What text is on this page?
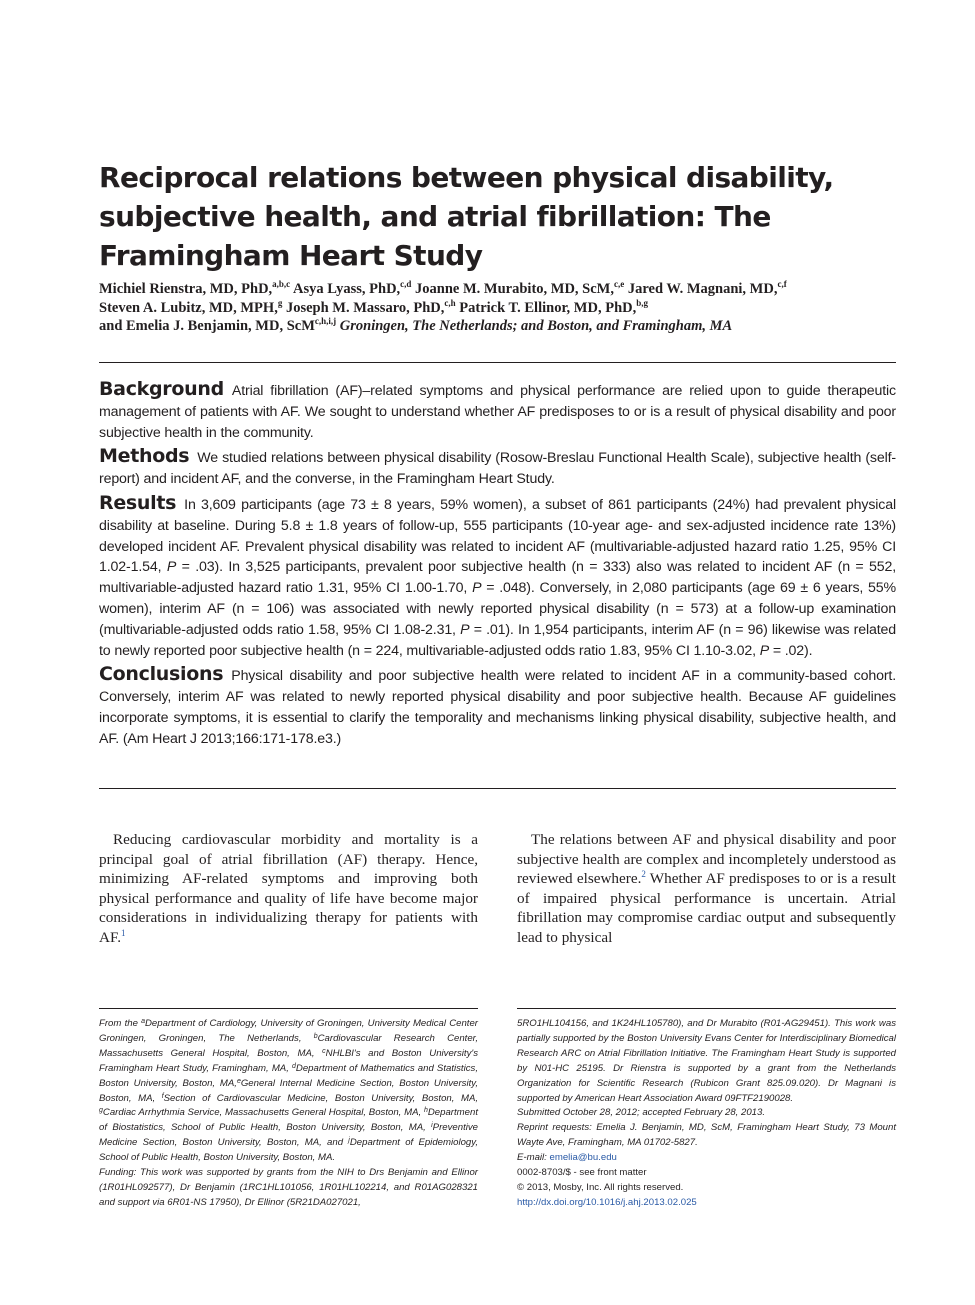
Reciprocal relations between physical disability, subjective health, and atrial fibrillation: The Framingham Heart Study
Michiel Rienstra, MD, PhD,$^{a,b,c}$ Asya Lyass, PhD,$^{c,d}$ Joanne M. Murabito, MD, ScM,$^{c,e}$ Jared W. Magnani, MD,$^{c,f}$
Steven A. Lubitz, MD, MPH,$^g$ Joseph M. Massaro, PhD,$^{c,h}$ Patrick T. Ellinor, MD, PhD,$^{b,g}$
and Emelia J. Benjamin, MD, ScM$^{c,h,i,j}$ Groningen, The Netherlands; and Boston, and Framingham, MA

Background Atrial fibrillation (AF)–related symptoms and physical performance are relied upon to guide therapeutic management of patients with AF. We sought to understand whether AF predisposes to or is a result of physical disability and poor subjective health in the community.

Methods We studied relations between physical disability (Rosow-Breslau Functional Health Scale), subjective health (self-report) and incident AF, and the converse, in the Framingham Heart Study.

Results In 3,609 participants (age 73 ± 8 years, 59% women), a subset of 861 participants (24%) had prevalent physical disability at baseline. During 5.8 ± 1.8 years of follow-up, 555 participants (10-year age- and sex-adjusted incidence rate 13%) developed incident AF. Prevalent physical disability was related to incident AF (multivariable-adjusted hazard ratio 1.25, 95% CI 1.02-1.54, P = .03). In 3,525 participants, prevalent poor subjective health (n = 333) also was related to incident AF (n = 552, multivariable-adjusted hazard ratio 1.31, 95% CI 1.00-1.70, P = .048). Conversely, in 2,080 participants (age 69 ± 6 years, 55% women), interim AF (n = 106) was associated with newly reported physical disability (n = 573) at a follow-up examination (multivariable-adjusted odds ratio 1.58, 95% CI 1.08-2.31, P = .01). In 1,954 participants, interim AF (n = 96) likewise was related to newly reported poor subjective health (n = 224, multivariable-adjusted odds ratio 1.83, 95% CI 1.10-3.02, P = .02).

Conclusions Physical disability and poor subjective health were related to incident AF in a community-based cohort. Conversely, interim AF was related to newly reported physical disability and poor subjective health. Because AF guidelines incorporate symptoms, it is essential to clarify the temporality and mechanisms linking physical disability, subjective health, and AF. (Am Heart J 2013;166:171-178.e3.)

Reducing cardiovascular morbidity and mortality is a principal goal of atrial fibrillation (AF) therapy. Hence, minimizing AF-related symptoms and improving both physical performance and quality of life have become major considerations in individualizing therapy for patients with AF.$^1$

The relations between AF and physical disability and poor subjective health are complex and incompletely understood as reviewed elsewhere.$^2$ Whether AF predisposes to or is a result of impaired physical performance is uncertain. Atrial fibrillation may compromise cardiac output and subsequently lead to physical

From the $^a$Department of Cardiology, University of Groningen, University Medical Center Groningen, Groningen, The Netherlands, $^b$Cardiovascular Research Center, Massachusetts General Hospital, Boston, MA, $^c$NHLBI's and Boston University's Framingham Heart Study, Framingham, MA, $^d$Department of Mathematics and Statistics, Boston University, Boston, MA,$^e$General Internal Medicine Section, Boston University, Boston, MA, $^f$Section of Cardiovascular Medicine, Boston University, Boston, MA, $^g$Cardiac Arrhythmia Service, Massachusetts General Hospital, Boston, MA, $^h$Department of Biostatistics, School of Public Health, Boston University, Boston, MA, $^i$Preventive Medicine Section, Boston University, Boston, MA, and $^j$Department of Epidemiology, School of Public Health, Boston University, Boston, MA.

Funding: This work was supported by grants from the NIH to Drs Benjamin and Ellinor (1R01HL092577), Dr Benjamin (1RC1HL101056, 1R01HL102214, and R01AG028321 and support via 6R01-NS 17950), Dr Ellinor (5R21DA027021,

5RO1HL104156, and 1K24HL105780), and Dr Murabito (R01-AG29451). This work was partially supported by the Boston University Evans Center for Interdisciplinary Biomedical Research ARC on Atrial Fibrillation Initiative. The Framingham Heart Study is supported by N01-HC 25195. Dr Rienstra is supported by a grant from the Netherlands Organization for Scientific Research (Rubicon Grant 825.09.020). Dr Magnani is supported by American Heart Association Award 09FTF2190028.

Submitted October 28, 2012; accepted February 28, 2013.

Reprint requests: Emelia J. Benjamin, MD, ScM, Framingham Heart Study, 73 Mount Wayte Ave, Framingham, MA 01702-5827.

E-mail: emelia@bu.edu

0002-8703/$ - see front matter

© 2013, Mosby, Inc. All rights reserved.

http://dx.doi.org/10.1016/j.ahj.2013.02.025
